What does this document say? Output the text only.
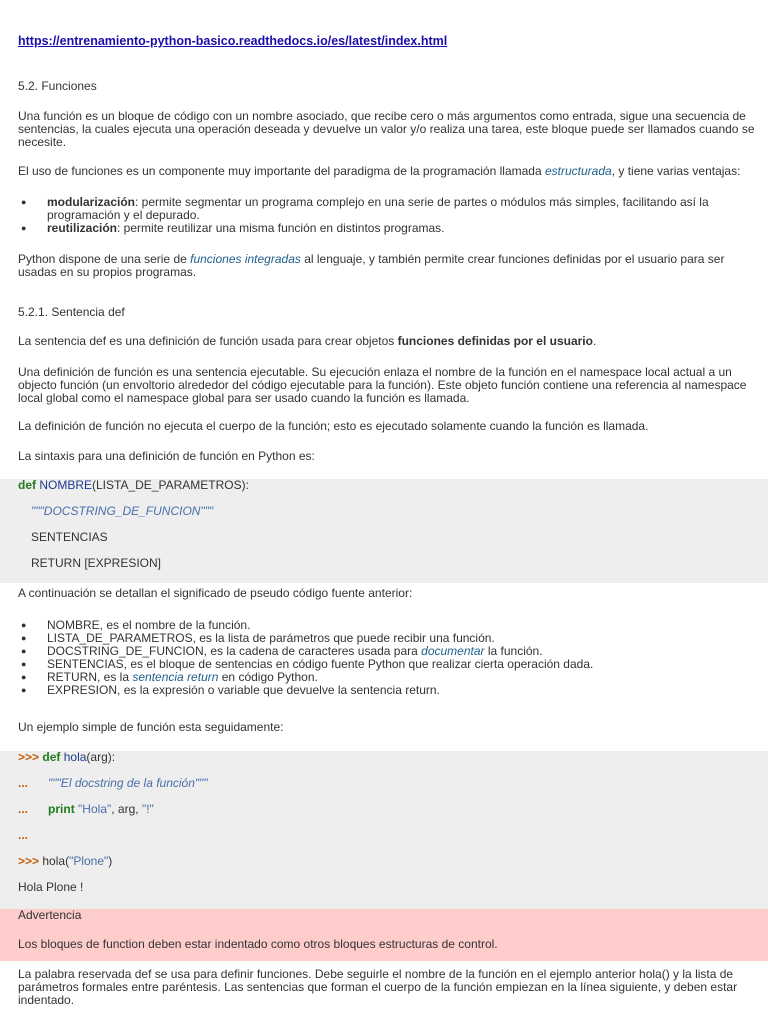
https://entrenamiento-python-basico.readthedocs.io/es/latest/index.html
5.2. Funciones

Una función es un bloque de código con un nombre asociado, que recibe cero o más argumentos como entrada, sigue una secuencia de sentencias, la cuales ejecuta una operación deseada y devuelve un valor y/o realiza una tarea, este bloque puede ser llamados cuando se necesite.

El uso de funciones es un componente muy importante del paradigma de la programación llamada estructurada, y tiene varias ventajas:

● modularización: permite segmentar un programa complejo en una serie de partes o módulos más simples, facilitando así la programación y el depurado.
● reutilización: permite reutilizar una misma función en distintos programas.

Python dispone de una serie de funciones integradas al lenguaje, y también permite crear funciones definidas por el usuario para ser usadas en su propios programas.

5.2.1. Sentencia def

La sentencia def es una definición de función usada para crear objetos funciones definidas por el usuario.

Una definición de función es una sentencia ejecutable. Su ejecución enlaza el nombre de la función en el namespace local actual a un objecto función (un envoltorio alrededor del código ejecutable para la función). Este objeto función contiene una referencia al namespace local global como el namespace global para ser usado cuando la función es llamada.

La definición de función no ejecuta el cuerpo de la función; esto es ejecutado solamente cuando la función es llamada.

La sintaxis para una definición de función en Python es:

def NOMBRE(LISTA_DE_PARAMETROS):
"""DOCSTRING_DE_FUNCION"""
SENTENCIAS
RETURN [EXPRESION]

A continuación se detallan el significado de pseudo código fuente anterior:

● NOMBRE, es el nombre de la función.
● LISTA_DE_PARAMETROS, es la lista de parámetros que puede recibir una función.
● DOCSTRING_DE_FUNCION, es la cadena de caracteres usada para documentar la función.
● SENTENCIAS, es el bloque de sentencias en código fuente Python que realizar cierta operación dada.
● RETURN, es la sentencia return en código Python.
● EXPRESION, es la expresión o variable que devuelve la sentencia return.

Un ejemplo simple de función esta seguidamente:

>>> def hola(arg):
... """El docstring de la función"""
... print "Hola", arg, "!"
...
>>> hola("Plone")
Hola Plone !
Advertencia
Los bloques de function deben estar indentado como otros bloques estructuras de control.

La palabra reservada def se usa para definir funciones. Debe seguirle el nombre de la función en el ejemplo anterior hola() y la lista de parámetros formales entre paréntesis. Las sentencias que forman el cuerpo de la función empiezan en la línea siguiente, y deben estar indentado.
